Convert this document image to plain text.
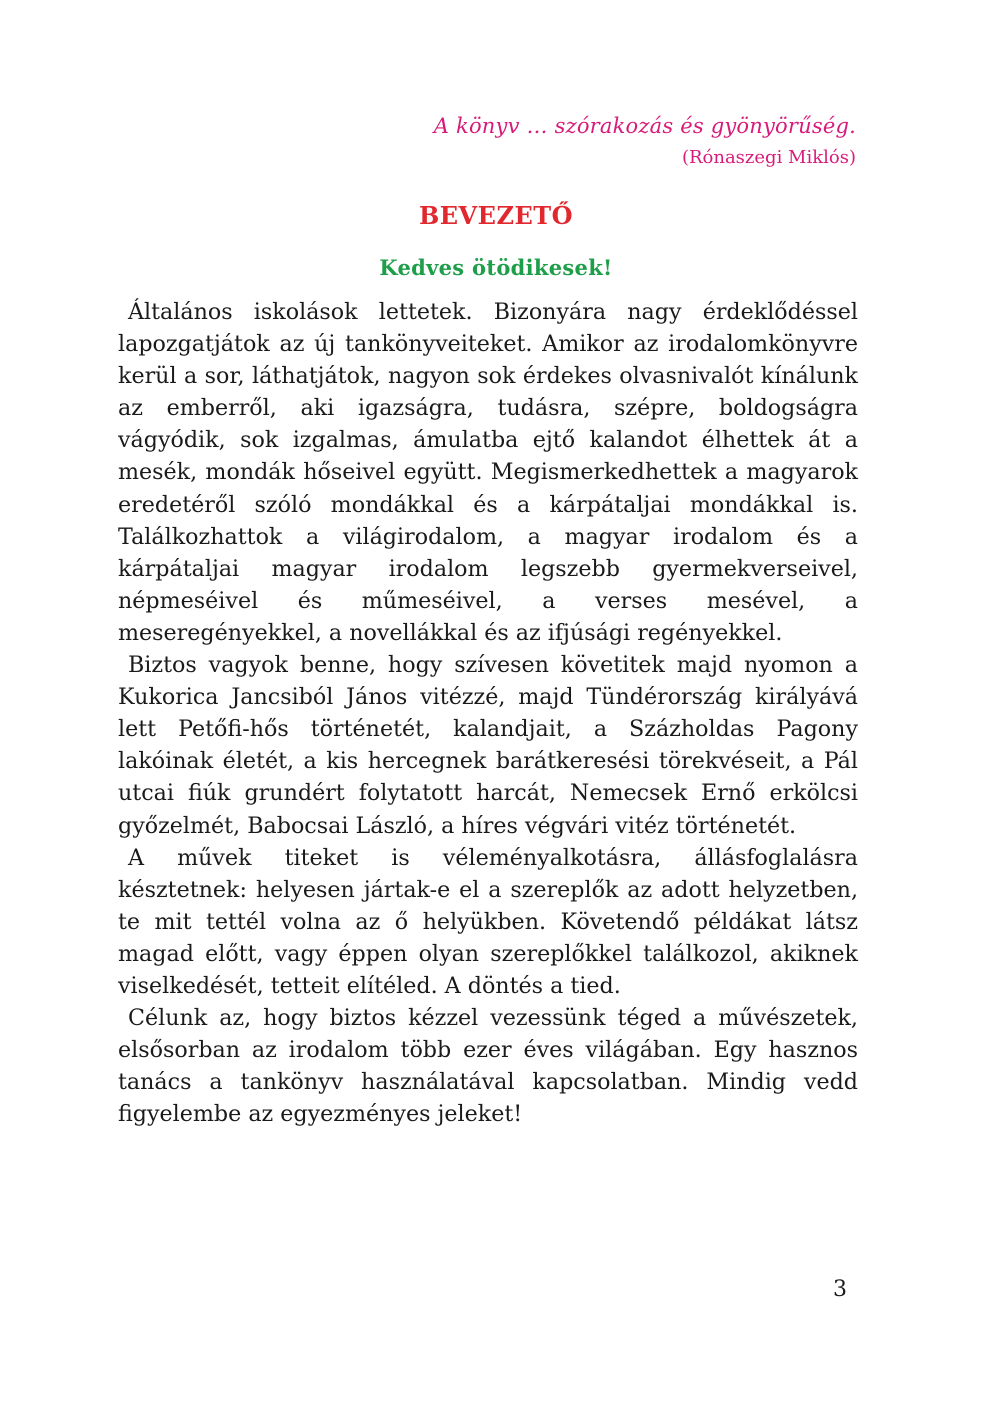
A könyv … szórakozás és gyönyörűség.
(Rónaszegi Miklós)
BEVEZETŐ
Kedves ötödikesek!

Általános iskolások lettetek. Bizonyára nagy érdeklődéssel lapozgatjátok az új tankönyveiteket. Amikor az irodalomkönyvre kerül a sor, láthatjátok, nagyon sok érdekes olvasnivalót kínálunk az emberről, aki igazságra, tudásra, szépre, boldogságra vágyódik, sok izgalmas, ámulatba ejtő kalandot élhettek át a mesék, mondák hőseivel együtt. Megismerkedhettek a magyarok eredetéről szóló mondákkal és a kárpátaljai mondákkal is. Találkozhattok a világirodalom, a magyar irodalom és a kárpátaljai magyar irodalom legszebb gyermekverseivel, népmeséivel és műmeséivel, a verses mesével, a meseregényekkel, a novellákkal és az ifjúsági regényekkel.

Biztos vagyok benne, hogy szívesen követitek majd nyomon a Kukorica Jancsiból János vitézzé, majd Tündérország királyává lett Petőfi-hős történetét, kalandjait, a Százholdas Pagony lakóinak életét, a kis hercegnek barátkeresési törekvéseit, a Pál utcai fiúk grundért folytatott harcát, Nemecsek Ernő erkölcsi győzelmét, Babocsai László, a híres végvári vitéz történetét.

A művek titeket is véleményalkotásra, állásfoglalásra késztetnek: helyesen jártak-e el a szereplők az adott helyzetben, te mit tettél volna az ő helyükben. Követendő példákat látsz magad előtt, vagy éppen olyan szereplőkkel találkozol, akiknek viselkedését, tetteit elítéled. A döntés a tied.

Célunk az, hogy biztos kézzel vezessünk téged a művészetek, elsősorban az irodalom több ezer éves világában. Egy hasznos tanács a tankönyv használatával kapcsolatban. Mindig vedd figyelembe az egyezményes jeleket!

3
